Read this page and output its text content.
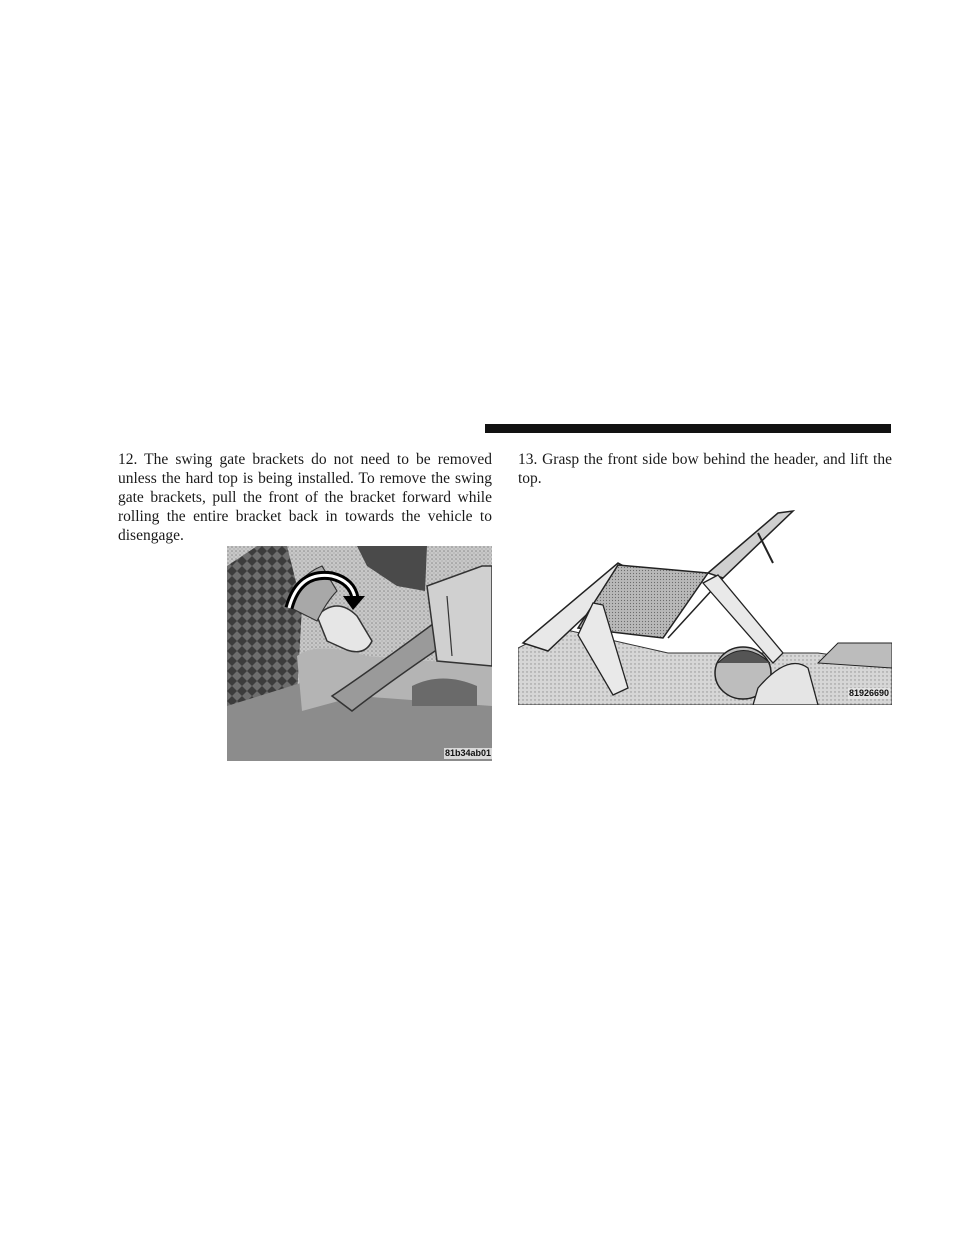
12. The swing gate brackets do not need to be removed unless the hard top is being installed. To remove the swing gate brackets, pull the front of the bracket forward while rolling the entire bracket back in towards the vehicle to disengage.

81b34ab01

13. Grasp the front side bow behind the header, and lift the top.

81926690
